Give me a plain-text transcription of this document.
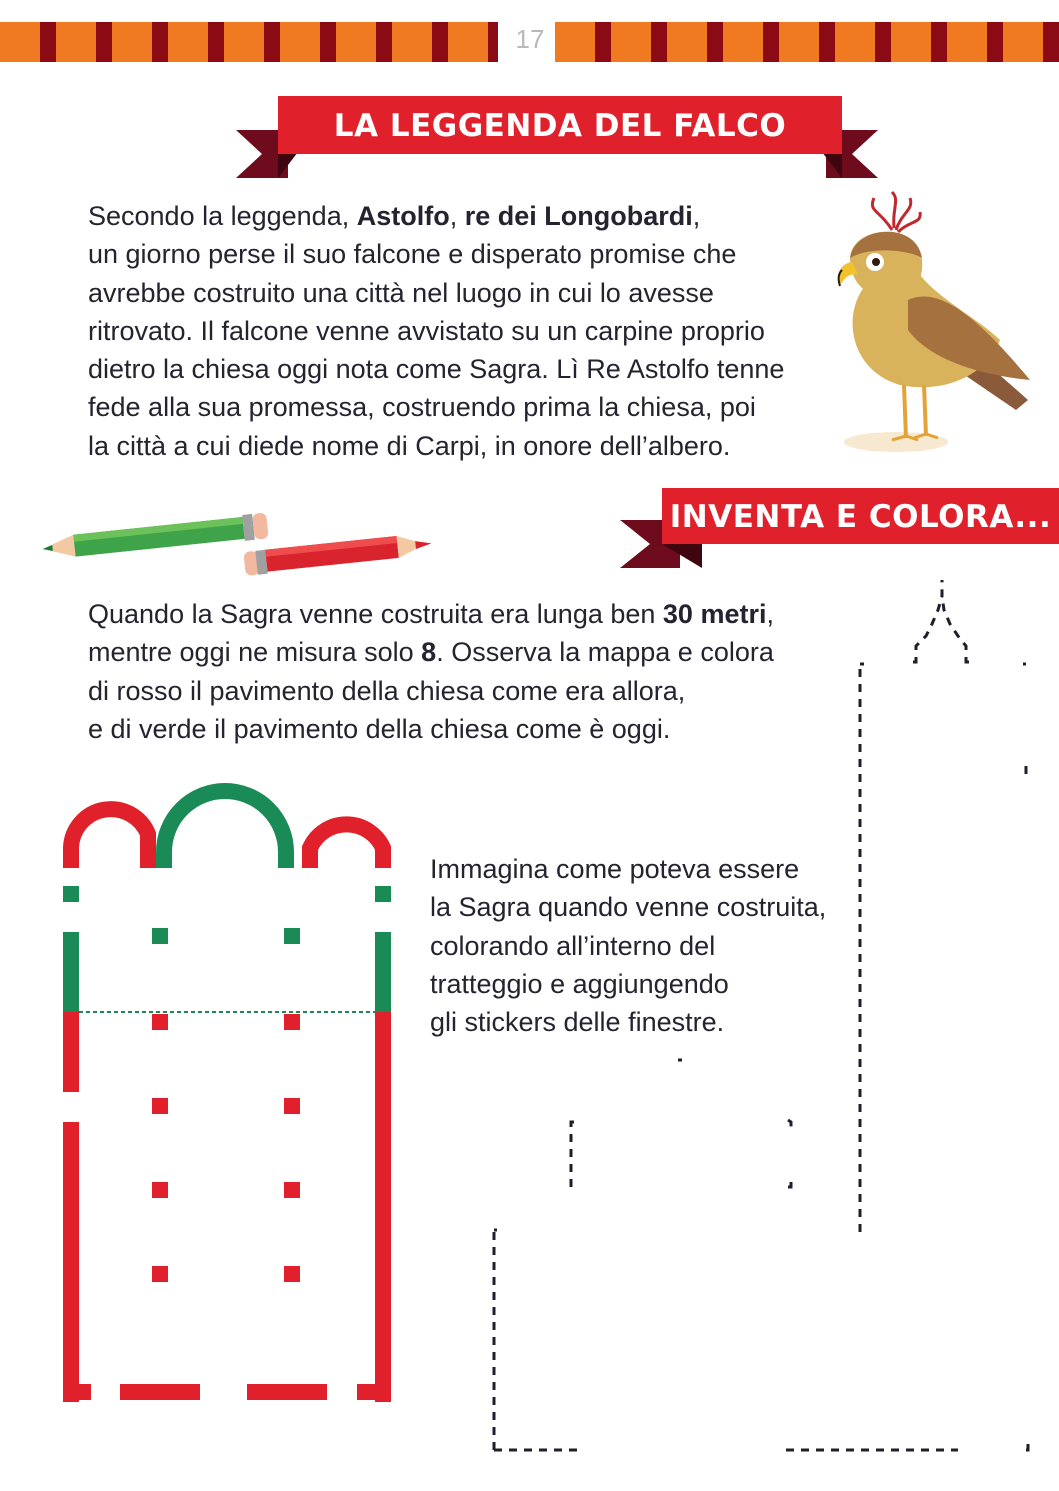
17
LA LEGGENDA DEL FALCO MAGICO
Secondo la leggenda, Astolfo, re dei Longobardi,
un giorno perse il suo falcone e disperato promise che
avrebbe costruito una città nel luogo in cui lo avesse
ritrovato. Il falcone venne avvistato su un carpine proprio
dietro la chiesa oggi nota come Sagra. Lì Re Astolfo tenne
fede alla sua promessa, costruendo prima la chiesa, poi
la città a cui diede nome di Carpi, in onore dell’albero.
INVENTA E COLORA...
Quando la Sagra venne costruita era lunga ben 30 metri,
mentre oggi ne misura solo 8. Osserva la mappa e colora
di rosso il pavimento della chiesa come era allora,
e di verde il pavimento della chiesa come è oggi.
Immagina come poteva essere
la Sagra quando venne costruita,
colorando all’interno del
tratteggio e aggiungendo
gli stickers delle finestre.
